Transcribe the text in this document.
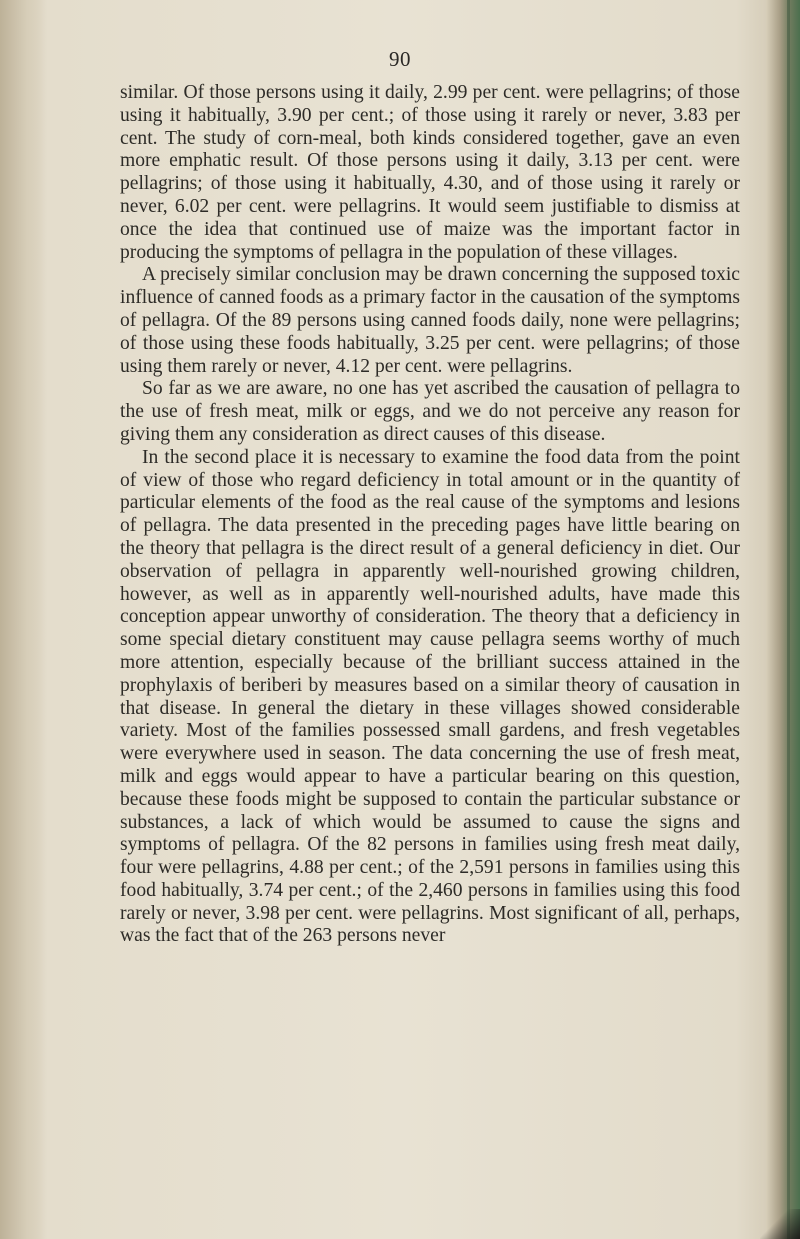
90

similar. Of those persons using it daily, 2.99 per cent. were pellagrins; of those using it habitually, 3.90 per cent.; of those using it rarely or never, 3.83 per cent. The study of corn-meal, both kinds considered together, gave an even more emphatic result. Of those persons using it daily, 3.13 per cent. were pellagrins; of those using it habitually, 4.30, and of those using it rarely or never, 6.02 per cent. were pellagrins. It would seem justifiable to dismiss at once the idea that continued use of maize was the important factor in producing the symptoms of pellagra in the population of these villages.

A precisely similar conclusion may be drawn concerning the supposed toxic influence of canned foods as a primary factor in the causation of the symptoms of pellagra. Of the 89 persons using canned foods daily, none were pellagrins; of those using these foods habitually, 3.25 per cent. were pellagrins; of those using them rarely or never, 4.12 per cent. were pellagrins.

So far as we are aware, no one has yet ascribed the causation of pellagra to the use of fresh meat, milk or eggs, and we do not perceive any reason for giving them any consideration as direct causes of this disease.

In the second place it is necessary to examine the food data from the point of view of those who regard deficiency in total amount or in the quantity of particular elements of the food as the real cause of the symptoms and lesions of pellagra. The data presented in the preceding pages have little bearing on the theory that pellagra is the direct result of a general deficiency in diet. Our observation of pellagra in apparently well-nourished growing children, however, as well as in apparently well-nourished adults, have made this conception appear unworthy of consideration. The theory that a deficiency in some special dietary constituent may cause pellagra seems worthy of much more attention, especially because of the brilliant success attained in the prophylaxis of beriberi by measures based on a similar theory of causation in that disease. In general the dietary in these villages showed considerable variety. Most of the families possessed small gardens, and fresh vegetables were everywhere used in season. The data concerning the use of fresh meat, milk and eggs would appear to have a particular bearing on this question, because these foods might be supposed to contain the particular substance or substances, a lack of which would be assumed to cause the signs and symptoms of pellagra. Of the 82 persons in families using fresh meat daily, four were pellagrins, 4.88 per cent.; of the 2,591 persons in families using this food habitually, 3.74 per cent.; of the 2,460 persons in families using this food rarely or never, 3.98 per cent. were pellagrins. Most significant of all, perhaps, was the fact that of the 263 persons never
